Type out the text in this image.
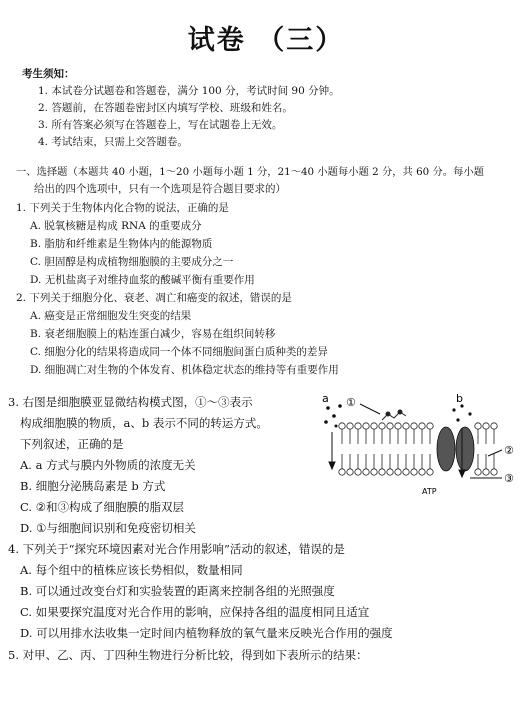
试卷 （三）
考生须知：
1. 本试卷分试题卷和答题卷，满分 100 分，考试时间 90 分钟。
2. 答题前，在答题卷密封区内填写学校、班级和姓名。
3. 所有答案必须写在答题卷上，写在试题卷上无效。
4. 考试结束，只需上交答题卷。
一、选择题（本题共 40 小题，1～20 小题每小题 1 分，21～40 小题每小题 2 分，共 60 分。每小题
给出的四个选项中，只有一个选项是符合题目要求的）
1. 下列关于生物体内化合物的说法，正确的是
A. 脱氧核糖是构成 RNA 的重要成分
B. 脂肪和纤维素是生物体内的能源物质
C. 胆固醇是构成植物细胞膜的主要成分之一
D. 无机盐离子对维持血浆的酸碱平衡有重要作用
2. 下列关于细胞分化、衰老、凋亡和癌变的叙述，错误的是
A. 癌变是正常细胞发生突变的结果
B. 衰老细胞膜上的粘连蛋白减少，容易在组织间转移
C. 细胞分化的结果将造成同一个体不同细胞间蛋白质种类的差异
D. 细胞凋亡对生物的个体发育、机体稳定状态的维持等有重要作用
3. 右图是细胞膜亚显微结构模式图，①～③表示
构成细胞膜的物质，a、b 表示不同的转运方式。
下列叙述，正确的是
A. a 方式与膜内外物质的浓度无关
B. 细胞分泌胰岛素是 b 方式
C. ②和③构成了细胞膜的脂双层
D. ①与细胞间识别和免疫密切相关
a	b
①
②
③
ATP
4. 下列关于“探究环境因素对光合作用影响”活动的叙述，错误的是
A. 每个组中的植株应该长势相似，数量相同
B. 可以通过改变台灯和实验装置的距离来控制各组的光照强度
C. 如果要探究温度对光合作用的影响，应保持各组的温度相同且适宜
D. 可以用排水法收集一定时间内植物释放的氧气量来反映光合作用的强度
5. 对甲、乙、丙、丁四种生物进行分析比较，得到如下表所示的结果：
